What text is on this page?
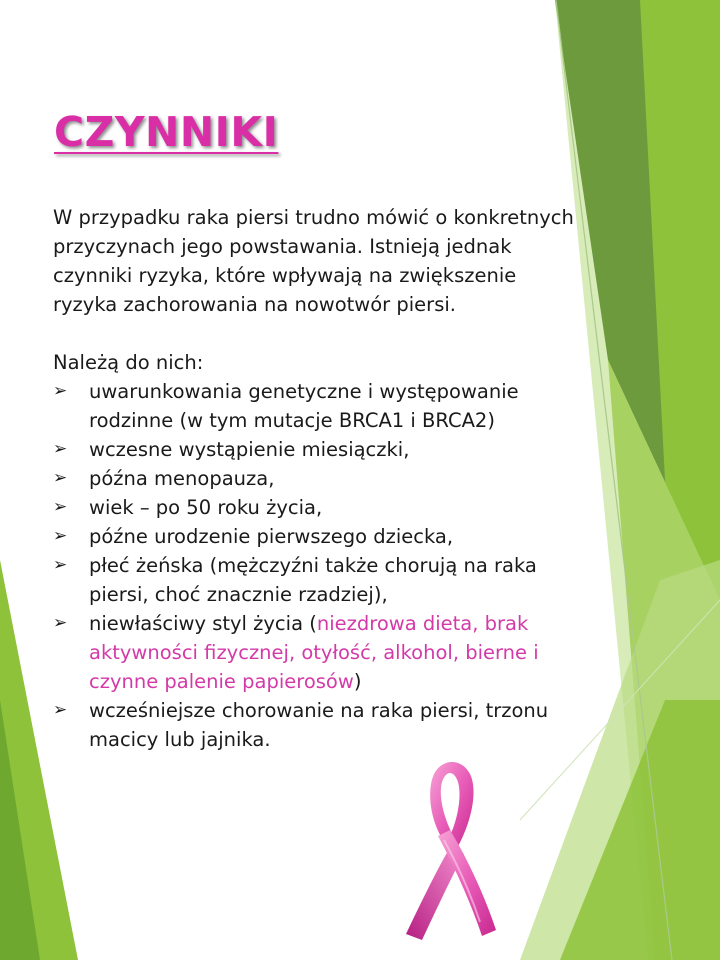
CZYNNIKI

W przypadku raka piersi trudno mówić o konkretnych przyczynach jego powstawania. Istnieją jednak czynniki ryzyka, które wpływają na zwiększenie ryzyka zachorowania na nowotwór piersi.

Należą do nich:

➢	uwarunkowania genetyczne i występowanie rodzinne (w tym mutacje BRCA1 i BRCA2)
➢	wczesne wystąpienie miesiączki,
➢	późna menopauza,
➢	wiek – po 50 roku życia,
➢	późne urodzenie pierwszego dziecka,
➢	płeć żeńska (mężczyźni także chorują na raka piersi, choć znacznie rzadziej),
➢	niewłaściwy styl życia (niezdrowa dieta, brak aktywności fizycznej, otyłość, alkohol, bierne i czynne palenie papierosów)
➢	wcześniejsze chorowanie na raka piersi, trzonu macicy lub jajnika.
